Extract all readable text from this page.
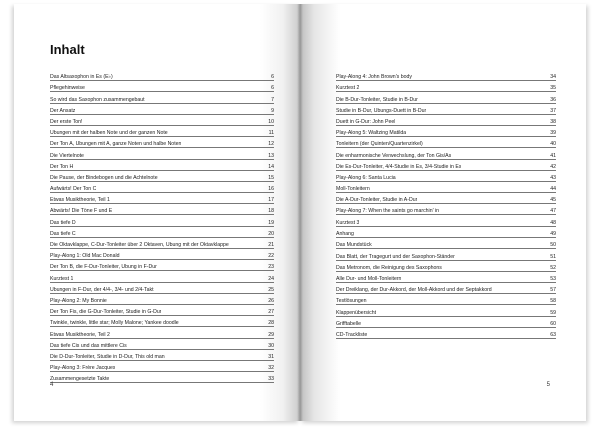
Inhalt
Das Altsaxophon in Es (E♭)	6
Pflegehinweise	6
So wird das Saxophon zusammengebaut	7
Der Ansatz	9
Der erste Ton!	10
Übungen mit der halben Note und der ganzen Note	11
Der Ton A, Übungen mit A, ganze Noten und halbe Noten	12
Die Viertelnote	13
Der Ton H	14
Die Pause, der Bindebogen und die Achtelnote	15
Aufwärts! Der Ton C	16
Etwas Musiktheorie, Teil 1	17
Abwärts! Die Töne F und E	18
Das tiefe D	19
Das tiefe C	20
Die Oktavklappe, C-Dur-Tonleiter über 2 Oktaven, Übung mit der Oktavklappe	21
Play-Along 1: Old Mac Donald	22
Der Ton B, die F-Dur-Tonleiter, Übung in F-Dur	23
Kurztest 1	24
Übungen in F-Dur, der 4/4-, 3/4- und 2/4-Takt	25
Play-Along 2: My Bonnie	26
Der Ton Fis, die G-Dur-Tonleiter, Studie in G-Dur	27
Twinkle, twinkle, little star; Molly Malone; Yankee doodle	28
Etwas Musiktheorie, Teil 2	29
Das tiefe Cis und das mittlere Cis	30
Die D-Dur-Tonleiter, Studie in D-Dur, This old man	31
Play-Along 3: Frère Jacques	32
Zusammengesetzte Takte	33
4
Play-Along 4: John Brown's body	34
Kurztest 2	35
Die B-Dur-Tonleiter, Studie in B-Dur	36
Studie in B-Dur, Übungs-Duett in B-Dur	37
Duett in G-Dur: John Peel	38
Play-Along 5: Waltzing Matilda	39
Tonleitern (der Quinten/Quartenzirkel)	40
Die enharmonische Verwechslung, der Ton Gis/As	41
Die Es-Dur-Tonleiter, 4/4-Studie in Es, 3/4-Studie in Es	42
Play-Along 6: Santa Lucia	43
Moll-Tonleitern	44
Die A-Dur-Tonleiter, Studie in A-Dur	45
Play-Along 7: When the saints go marchin' in	47
Kurztest 3	48
Anhang	49
Das Mundstück	50
Das Blatt, der Tragegurt und der Saxophon-Ständer	51
Das Metronom, die Reinigung des Saxophons	52
Alle Dur- und Moll-Tonleitern	53
Der Dreiklang, der Dur-Akkord, der Moll-Akkord und der Septakkord	57
Testlösungen	58
Klappenübersicht	59
Grifftabelle	60
CD-Trackliste	63
5
